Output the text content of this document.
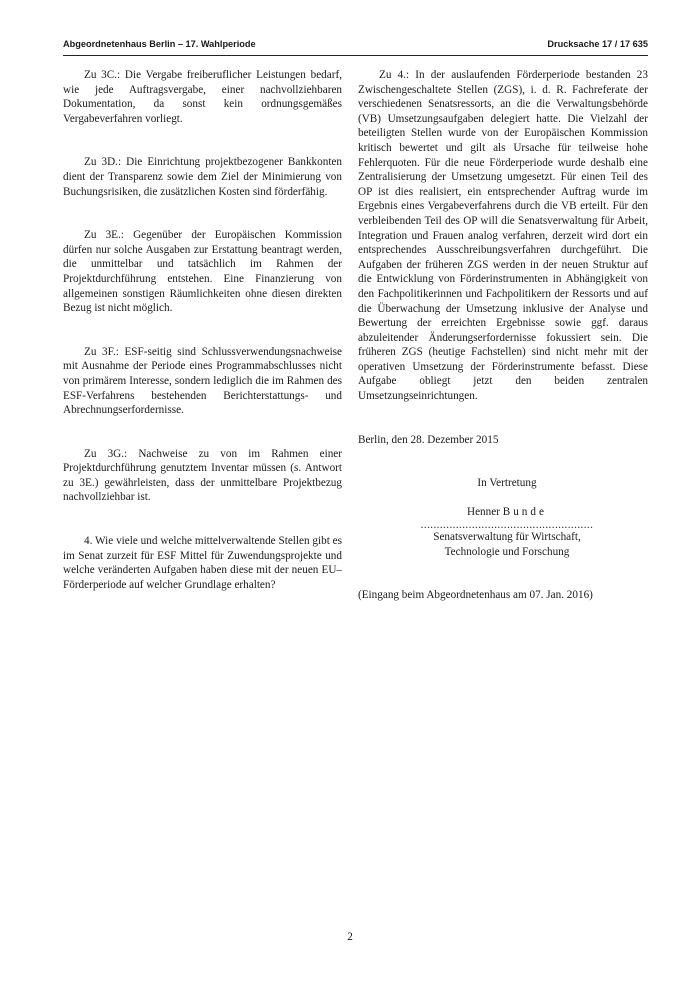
Abgeordnetenhaus Berlin – 17. Wahlperiode	Drucksache 17 / 17 635

Zu 3C.: Die Vergabe freiberuflicher Leistungen bedarf, wie jede Auftragsvergabe, einer nachvollziehbaren Dokumentation, da sonst kein ordnungsgemäßes Vergabeverfahren vorliegt.

Zu 3D.: Die Einrichtung projektbezogener Bankkonten dient der Transparenz sowie dem Ziel der Minimierung von Buchungsrisiken, die zusätzlichen Kosten sind förderfähig.

Zu 3E.: Gegenüber der Europäischen Kommission dürfen nur solche Ausgaben zur Erstattung beantragt werden, die unmittelbar und tatsächlich im Rahmen der Projektdurchführung entstehen. Eine Finanzierung von allgemeinen sonstigen Räumlichkeiten ohne diesen direkten Bezug ist nicht möglich.

Zu 3F.: ESF-seitig sind Schlussverwendungsnachweise mit Ausnahme der Periode eines Programmabschlusses nicht von primärem Interesse, sondern lediglich die im Rahmen des ESF-Verfahrens bestehenden Berichterstattungs- und Abrechnungserfordernisse.

Zu 3G.: Nachweise zu von im Rahmen einer Projektdurchführung genutztem Inventar müssen (s. Antwort zu 3E.) gewährleisten, dass der unmittelbare Projektbezug nachvollziehbar ist.

4. Wie viele und welche mittelverwaltende Stellen gibt es im Senat zurzeit für ESF Mittel für Zuwendungsprojekte und welche veränderten Aufgaben haben diese mit der neuen EU–Förderperiode auf welcher Grundlage erhalten?

Zu 4.: In der auslaufenden Förderperiode bestanden 23 Zwischengeschaltete Stellen (ZGS), i. d. R. Fachreferate der verschiedenen Senatsressorts, an die die Verwaltungsbehörde (VB) Umsetzungsaufgaben delegiert hatte. Die Vielzahl der beteiligten Stellen wurde von der Europäischen Kommission kritisch bewertet und gilt als Ursache für teilweise hohe Fehlerquoten. Für die neue Förderperiode wurde deshalb eine Zentralisierung der Umsetzung umgesetzt. Für einen Teil des OP ist dies realisiert, ein entsprechender Auftrag wurde im Ergebnis eines Vergabeverfahrens durch die VB erteilt. Für den verbleibenden Teil des OP will die Senatsverwaltung für Arbeit, Integration und Frauen analog verfahren, derzeit wird dort ein entsprechendes Ausschreibungsverfahren durchgeführt. Die Aufgaben der früheren ZGS werden in der neuen Struktur auf die Entwicklung von Förderinstrumenten in Abhängigkeit von den Fachpolitikerinnen und Fachpolitikern der Ressorts und auf die Überwachung der Umsetzung inklusive der Analyse und Bewertung der erreichten Ergebnisse sowie ggf. daraus abzuleitender Änderungserfordernisse fokussiert sein. Die früheren ZGS (heutige Fachstellen) sind nicht mehr mit der operativen Umsetzung der Förderinstrumente befasst. Diese Aufgabe obliegt jetzt den beiden zentralen Umsetzungseinrichtungen.

Berlin, den 28. Dezember 2015

In Vertretung

Henner Bunde

......................................................

Senatsverwaltung für Wirtschaft,

Technologie und Forschung

(Eingang beim Abgeordnetenhaus am 07. Jan. 2016)

2
